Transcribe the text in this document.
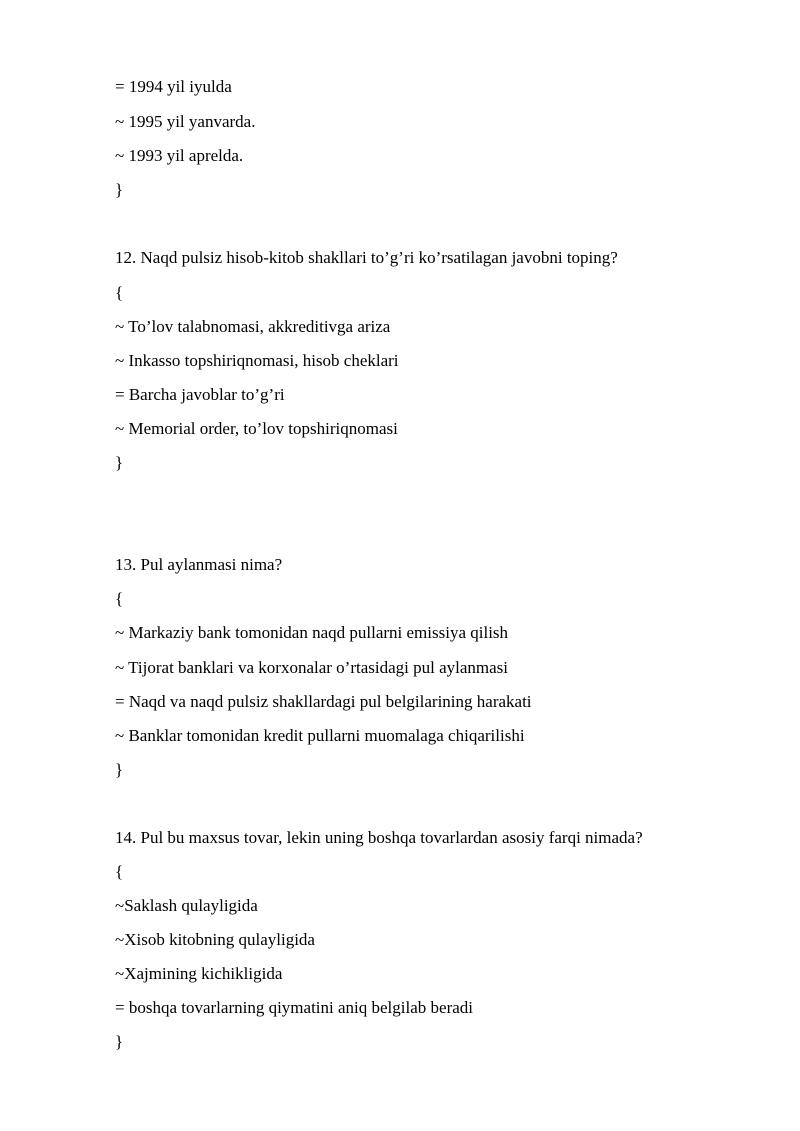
= 1994 yil iyulda
~ 1995 yil yanvarda.
~ 1993 yil aprelda.
}
12. Naqd pulsiz hisob-kitob shakllari to’g’ri ko’rsatilagan javobni toping?
{
~ To’lov talabnomasi, akkreditivga ariza
~ Inkasso topshiriqnomasi, hisob cheklari
= Barcha javoblar to’g’ri
~ Memorial order, to’lov topshiriqnomasi
}
13. Pul aylanmasi nima?
{
~ Markaziy bank tomonidan naqd pullarni emissiya qilish
~ Tijorat banklari va korxonalar o’rtasidagi pul aylanmasi
= Naqd va naqd pulsiz shakllardagi pul belgilarining harakati
~ Banklar tomonidan kredit pullarni muomalaga chiqarilishi
}
14. Pul bu maxsus tovar, lekin uning boshqa tovarlardan asosiy farqi nimada?
{
~Saklash qulayligida
~Xisob kitobning qulayligida
~Xajmining kichikligida
= boshqa tovarlarning qiymatini aniq belgilab beradi
}
